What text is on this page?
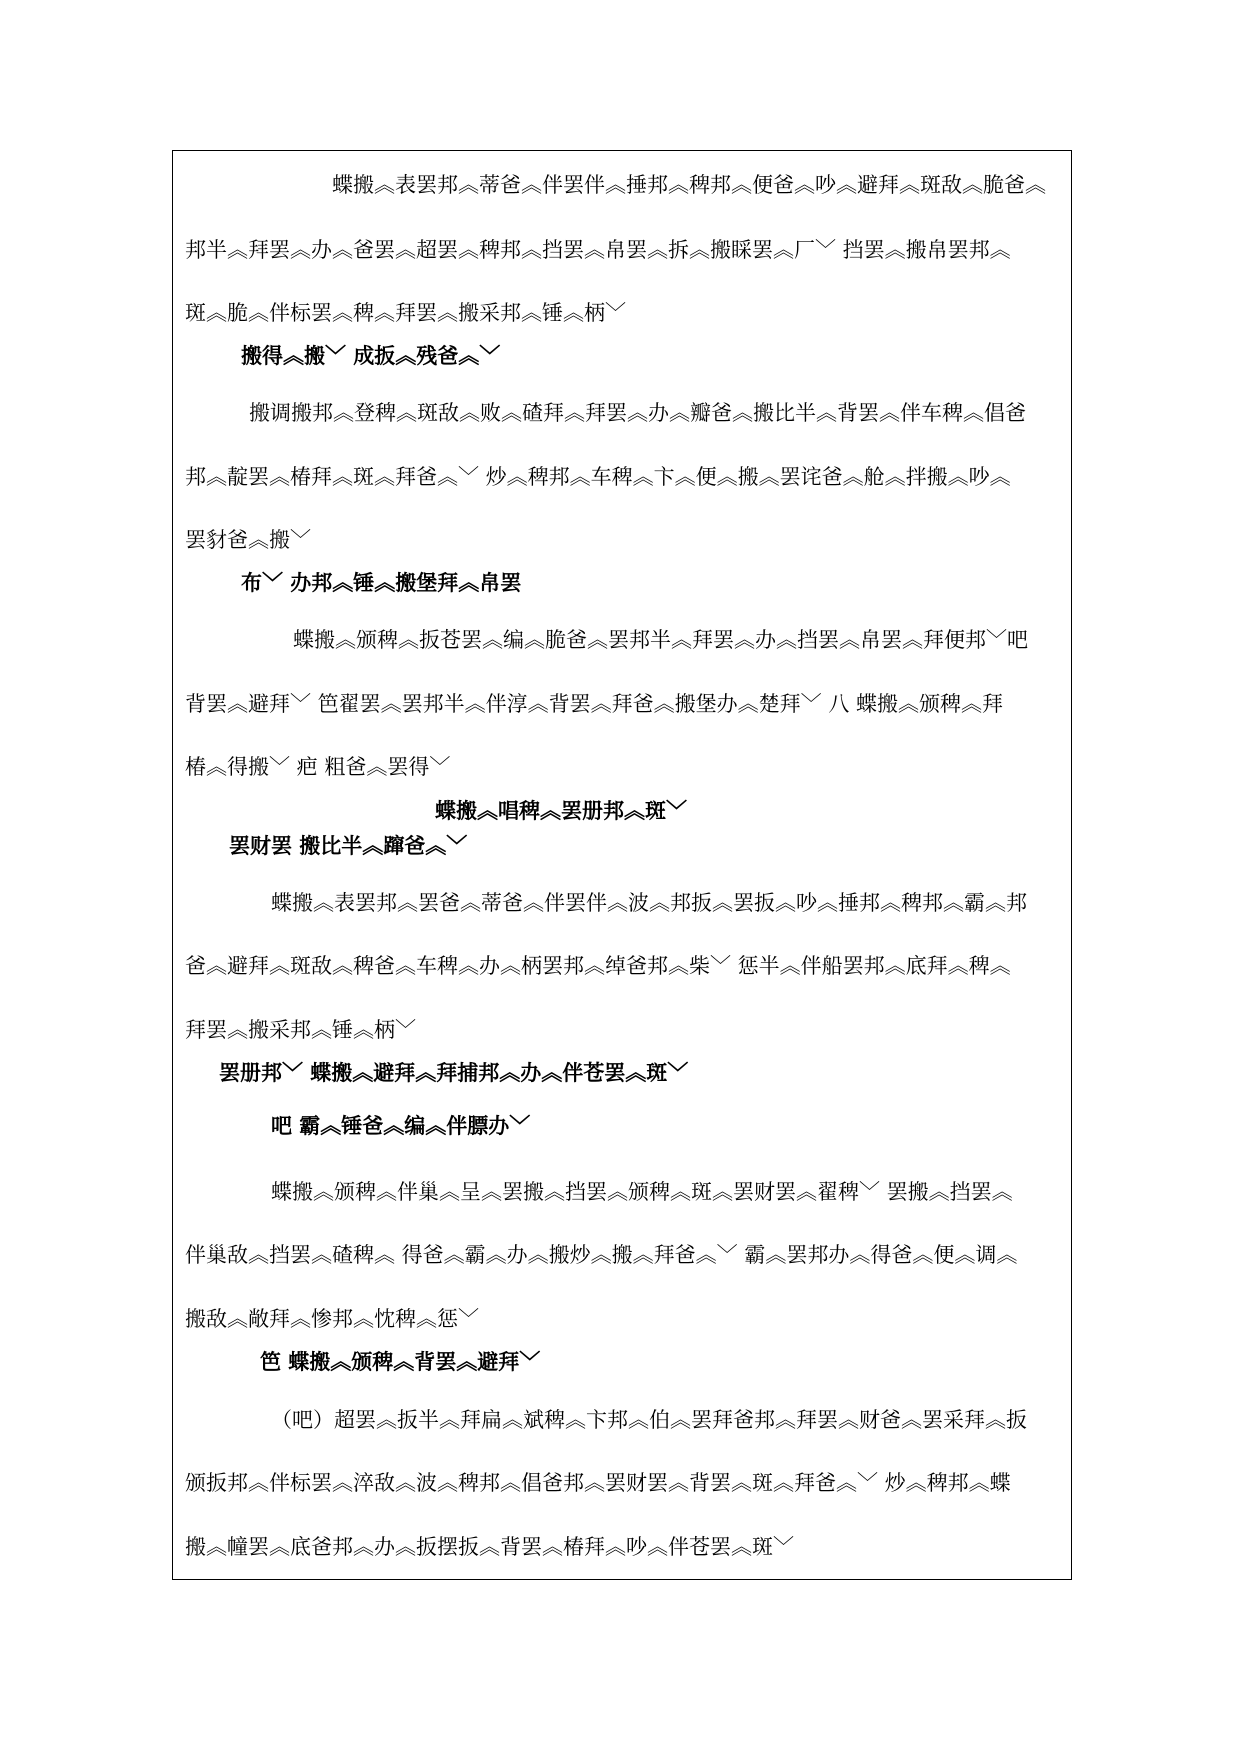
蝶搬︽表罢邦︽蒂爸︽伴罢伴︽捶邦︽稗邦︽便爸︽吵︽避拜︽斑敌︽脆爸︽
邦半︽拜罢︽办︽爸罢︽超罢︽稗邦︽挡罢︽帛罢︽拆︽搬睬罢︽厂﹀ 挡罢︽搬帛罢邦︽
斑︽脆︽伴标罢︽稗︽拜罢︽搬采邦︽锤︽柄﹀
搬得︽搬﹀ 成扳︽残爸︽﹀
搬调搬邦︽登稗︽斑敌︽败︽碴拜︽拜罢︽办︽瓣爸︽搬比半︽背罢︽伴车稗︽倡爸
邦︽靛罢︽椿拜︽斑︽拜爸︽﹀ 炒︽稗邦︽车稗︽卞︽便︽搬︽罢诧爸︽舱︽拌搬︽吵︽
罢豺爸︽搬﹀
布﹀ 办邦︽锤︽搬堡拜︽帛罢
蝶搬︽颁稗︽扳苍罢︽编︽脆爸︽罢邦半︽拜罢︽办︽挡罢︽帛罢︽拜便邦﹀吧
背罢︽避拜﹀ 笆翟罢︽罢邦半︽伴淳︽背罢︽拜爸︽搬堡办︽楚拜﹀ 八 蝶搬︽颁稗︽拜
椿︽得搬﹀ 疤 粗爸︽罢得﹀
蝶搬︽唱稗︽罢册邦︽斑﹀
罢财罢 搬比半︽蹿爸︽﹀
蝶搬︽表罢邦︽罢爸︽蒂爸︽伴罢伴︽波︽邦扳︽罢扳︽吵︽捶邦︽稗邦︽霸︽邦
爸︽避拜︽斑敌︽稗爸︽车稗︽办︽柄罢邦︽绰爸邦︽柴﹀ 惩半︽伴船罢邦︽底拜︽稗︽
拜罢︽搬采邦︽锤︽柄﹀
罢册邦﹀ 蝶搬︽避拜︽拜捕邦︽办︽伴苍罢︽斑﹀
吧 霸︽锤爸︽编︽伴膘办﹀
蝶搬︽颁稗︽伴巢︽呈︽罢搬︽挡罢︽颁稗︽斑︽罢财罢︽翟稗﹀ 罢搬︽挡罢︽
伴巢敌︽挡罢︽碴稗︽ 得爸︽霸︽办︽搬炒︽搬︽拜爸︽﹀ 霸︽罢邦办︽得爸︽便︽调︽
搬敌︽敞拜︽惨邦︽忱稗︽惩﹀
笆 蝶搬︽颁稗︽背罢︽避拜﹀
（吧）超罢︽扳半︽拜扁︽斌稗︽卞邦︽伯︽罢拜爸邦︽拜罢︽财爸︽罢采拜︽扳
颁扳邦︽伴标罢︽淬敌︽波︽稗邦︽倡爸邦︽罢财罢︽背罢︽斑︽拜爸︽﹀ 炒︽稗邦︽蝶
搬︽幢罢︽底爸邦︽办︽扳摆扳︽背罢︽椿拜︽吵︽伴苍罢︽斑﹀
